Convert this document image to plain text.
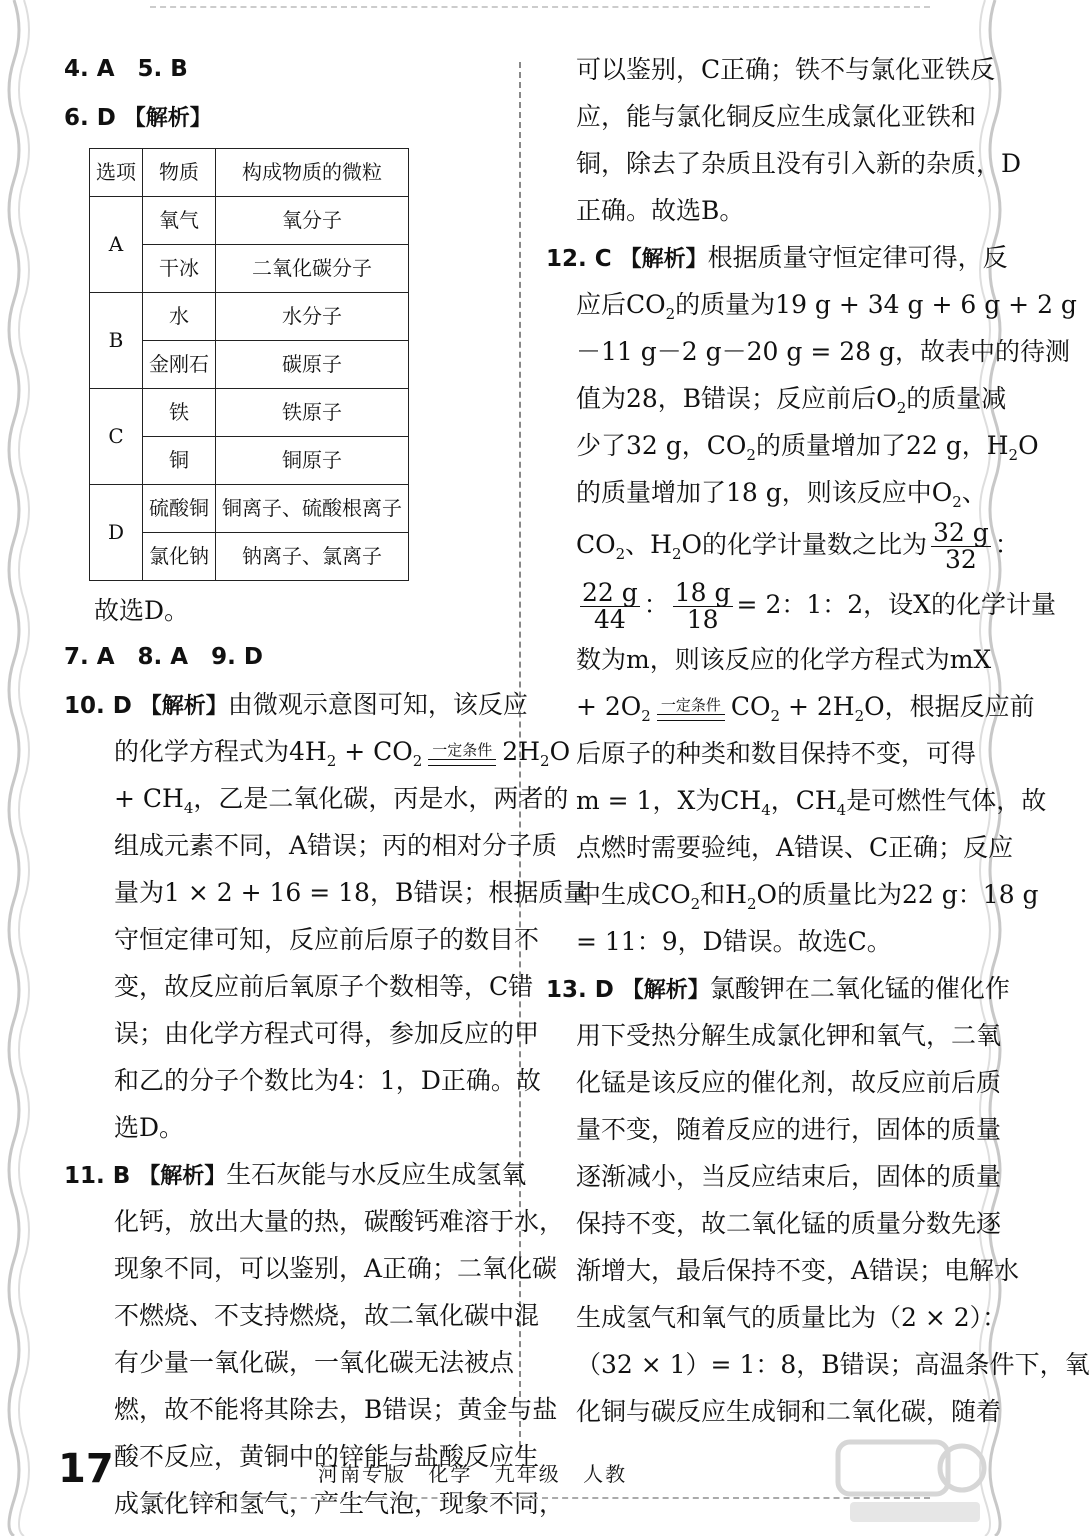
4. A　5. B
6. D 【解析】
选项	物质	构成物质的微粒
A	氧气	氧分子
	干冰	二氧化碳分子
B	水	水分子
	金刚石	碳原子
C	铁	铁原子
	铜	铜原子
D	硫酸铜	铜离子、硫酸根离子
	氯化钠	钠离子、氯离子
故选D。
7. A　8. A　9. D
10. D 【解析】由微观示意图可知，该反应
的化学方程式为$4H_2 + CO_2$
一定条件 $2H_2O$
+ $CH_4$，乙是二氧化碳，丙是水，两者的
组成元素不同，A错误；丙的相对分子质
量为1 × 2 + 16 = 18，B错误；根据质量
守恒定律可知，反应前后原子的数目不
变，故反应前后氧原子个数相等，C错
误；由化学方程式可得，参加反应的甲
和乙的分子个数比为4：1，D正确。故
选D。
11. B 【解析】生石灰能与水反应生成氢氧
化钙，放出大量的热，碳酸钙难溶于水，
现象不同，可以鉴别，A正确；二氧化碳
不燃烧、不支持燃烧，故二氧化碳中混
有少量一氧化碳，一氧化碳无法被点
燃，故不能将其除去，B错误；黄金与盐
酸不反应，黄铜中的锌能与盐酸反应生
成氯化锌和氢气，产生气泡，现象不同，
可以鉴别，C正确；铁不与氯化亚铁反
应，能与氯化铜反应生成氯化亚铁和
铜，除去了杂质且没有引入新的杂质，D
正确。故选B。
12. C 【解析】根据质量守恒定律可得，反
应后$CO_2$的质量为19 g + 34 g + 6 g + 2 g
－11 g－2 g－20 g = 28 g，故表中的待测
值为28，B错误；反应前后$O_2$的质量减
少了32 g，$CO_2$的质量增加了22 g，$H_2O$
的质量增加了18 g，则该反应中$O_2$、
$CO_2$、$H_2O$的化学计量数之比为 $\frac{32 g}{32}$ ：
$\frac{22 g}{44}$ ： $\frac{18 g}{18} = 2$：1：2，设X的化学计量
数为m，则该反应的化学方程式为mX
+ $2O_2$
一定条件 $CO_2 + 2H_2O$，根据反应前
后原子的种类和数目保持不变，可得
m = 1，X为$CH_4$，$CH_4$是可燃性气体，故
点燃时需要验纯，A错误、C正确；反应
中生成$CO_2$和$H_2O$的质量比为22 g：18 g
= 11：9，D错误。故选C。
13. D 【解析】氯酸钾在二氧化锰的催化作
用下受热分解生成氯化钾和氧气，二氧
化锰是该反应的催化剂，故反应前后质
量不变，随着反应的进行，固体的质量
逐渐减小，当反应结束后，固体的质量
保持不变，故二氧化锰的质量分数先逐
渐增大，最后保持不变，A错误；电解水
生成氢气和氧气的质量比为（2 × 2）：
（32 × 1）= 1：8，B错误；高温条件下，氧
化铜与碳反应生成铜和二氧化碳，随着
17	河南专版 化学 九年级 人教
